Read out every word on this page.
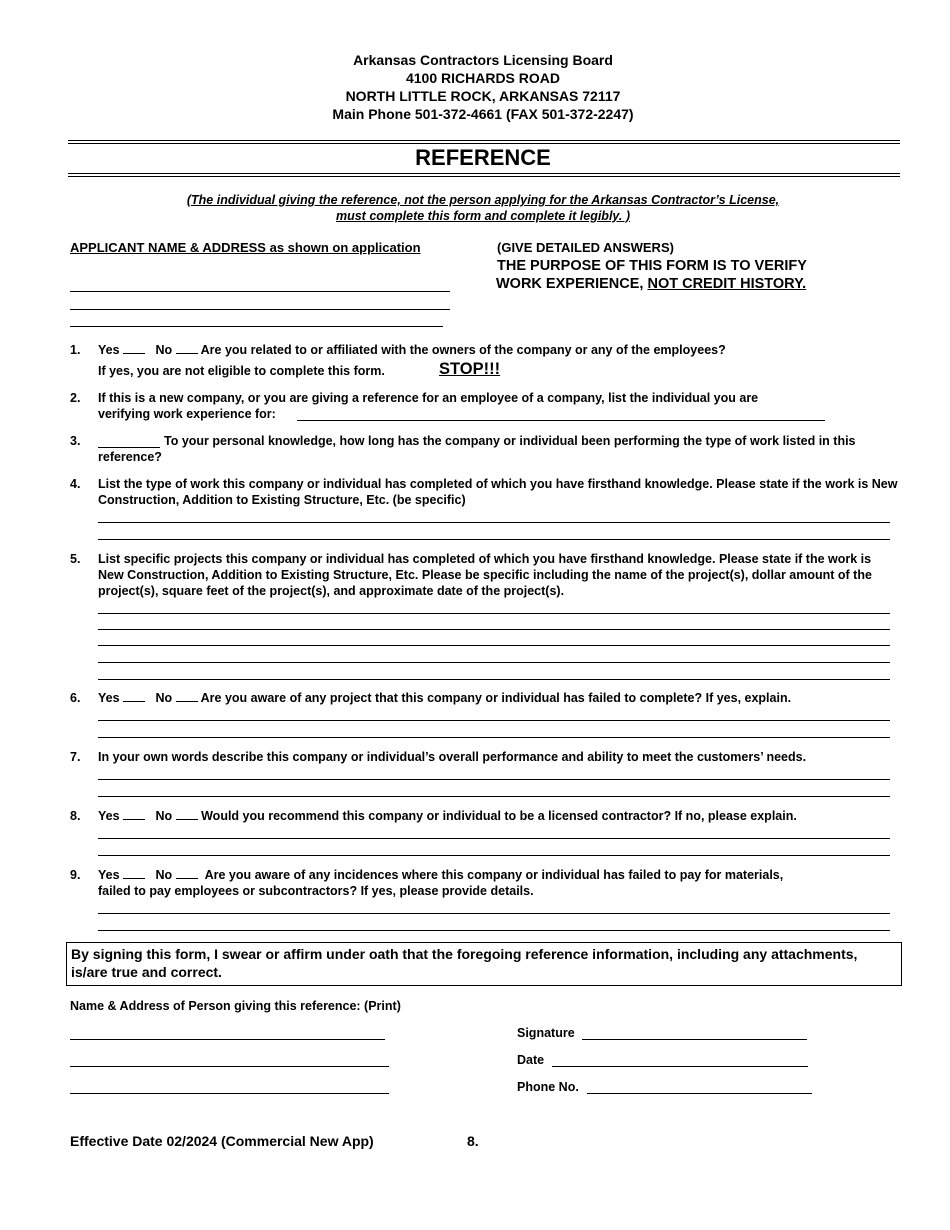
Arkansas Contractors Licensing Board
4100 RICHARDS ROAD
NORTH LITTLE ROCK, ARKANSAS 72117
Main Phone 501-372-4661 (FAX 501-372-2247)
REFERENCE
(The individual giving the reference, not the person applying for the Arkansas Contractor’s License,
must complete this form and complete it legibly. )
APPLICANT NAME & ADDRESS as shown on application	(GIVE DETAILED ANSWERS)
THE PURPOSE OF THIS FORM IS TO VERIFY
WORK EXPERIENCE, NOT CREDIT HISTORY.
1. Yes	No Are you related to or affiliated with the owners of the company or any of the employees?
If yes, you are not eligible to complete this form.	STOP!!!
2. If this is a new company, or you are giving a reference for an employee of a company, list the individual you are
verifying work experience for:
3.	To your personal knowledge, how long has the company or individual been performing the type of work listed in this reference?
4. List the type of work this company or individual has completed of which you have firsthand knowledge. Please state if the work is New Construction, Addition to Existing Structure, Etc. (be specific)
5. List specific projects this company or individual has completed of which you have firsthand knowledge. Please state if the work is New Construction, Addition to Existing Structure, Etc. Please be specific including the name of the project(s), dollar amount of the project(s), square feet of the project(s), and approximate date of the project(s).
6. Yes	No Are you aware of any project that this company or individual has failed to complete? If yes, explain.
7. In your own words describe this company or individual’s overall performance and ability to meet the customers’ needs.
8. Yes	No Would you recommend this company or individual to be a licensed contractor? If no, please explain.
9. Yes	No	Are you aware of any incidences where this company or individual has failed to pay for materials,
failed to pay employees or subcontractors? If yes, please provide details.
By signing this form, I swear or affirm under oath that the foregoing reference information, including any attachments, is/are true and correct.
Name & Address of Person giving this reference: (Print)
Signature
Date
Phone No.
Effective Date 02/2024 (Commercial New App)	8.
